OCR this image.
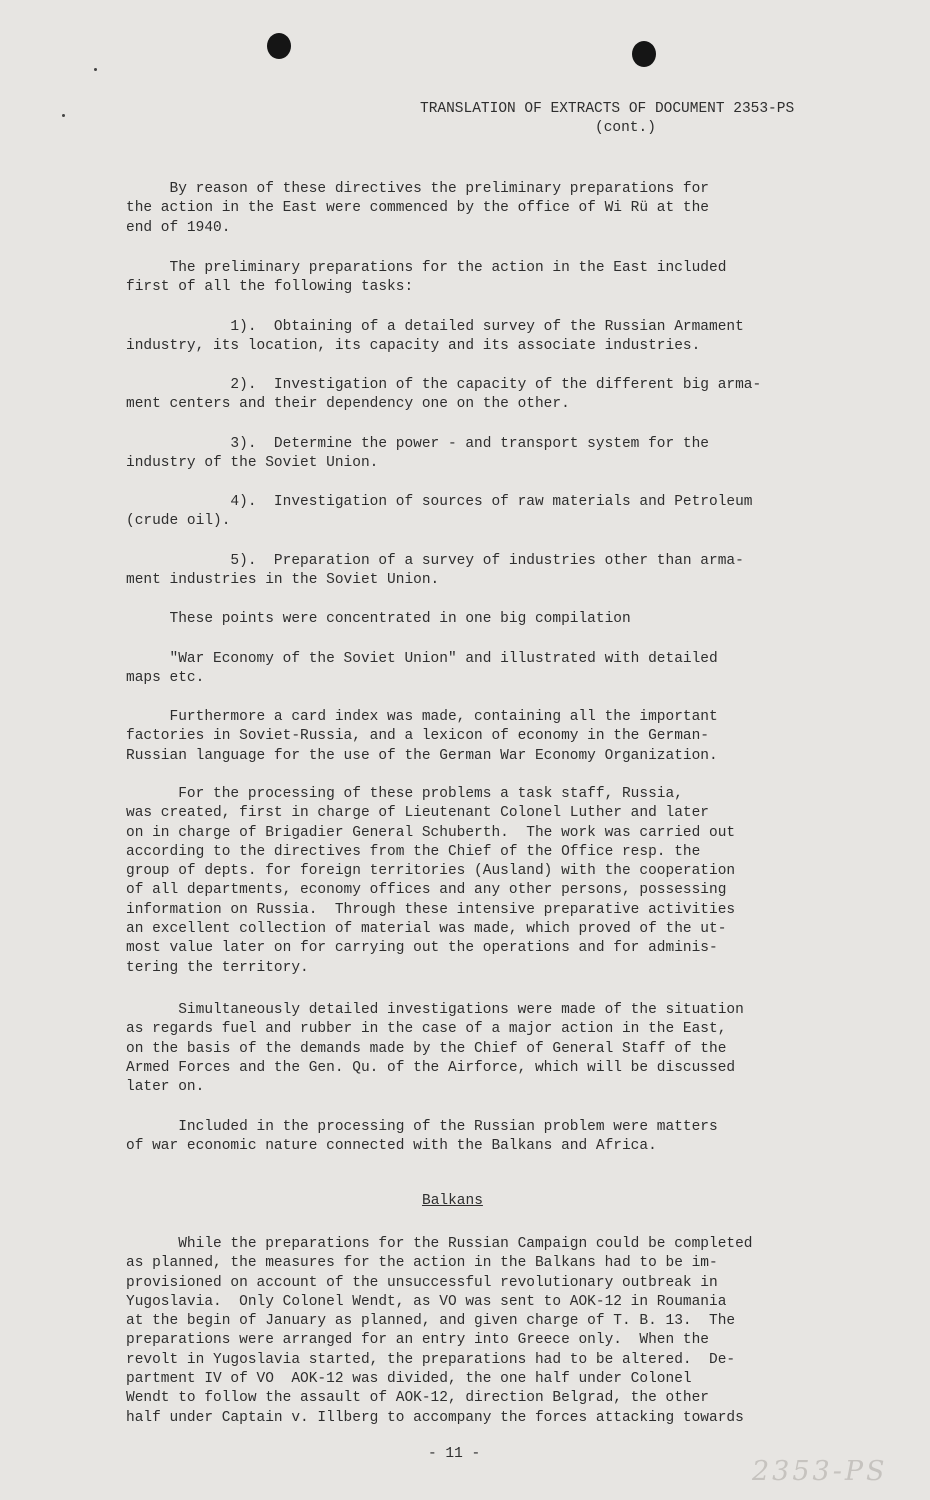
TRANSLATION OF EXTRACTS OF DOCUMENT 2353-PS
(cont.)
By reason of these directives the preliminary preparations for
the action in the East were commenced by the office of Wi Rü at the
end of 1940.
The preliminary preparations for the action in the East included
first of all the following tasks:
1).  Obtaining of a detailed survey of the Russian Armament
industry, its location, its capacity and its associate industries.
2).  Investigation of the capacity of the different big arma-
ment centers and their dependency one on the other.
3).  Determine the power - and transport system for the
industry of the Soviet Union.
4).  Investigation of sources of raw materials and Petroleum
(crude oil).
5).  Preparation of a survey of industries other than arma-
ment industries in the Soviet Union.
These points were concentrated in one big compilation
"War Economy of the Soviet Union" and illustrated with detailed
maps etc.
Furthermore a card index was made, containing all the important
factories in Soviet-Russia, and a lexicon of economy in the German-
Russian language for the use of the German War Economy Organization.
For the processing of these problems a task staff, Russia,
was created, first in charge of Lieutenant Colonel Luther and later
on in charge of Brigadier General Schuberth.  The work was carried out
according to the directives from the Chief of the Office resp. the
group of depts. for foreign territories (Ausland) with the cooperation
of all departments, economy offices and any other persons, possessing
information on Russia.  Through these intensive preparative activities
an excellent collection of material was made, which proved of the ut-
most value later on for carrying out the operations and for adminis-
tering the territory.
Simultaneously detailed investigations were made of the situation
as regards fuel and rubber in the case of a major action in the East,
on the basis of the demands made by the Chief of General Staff of the
Armed Forces and the Gen. Qu. of the Airforce, which will be discussed
later on.
Included in the processing of the Russian problem were matters
of war economic nature connected with the Balkans and Africa.
Balkans
While the preparations for the Russian Campaign could be completed
as planned, the measures for the action in the Balkans had to be im-
provisioned on account of the unsuccessful revolutionary outbreak in
Yugoslavia.  Only Colonel Wendt, as VO was sent to AOK-12 in Roumania
at the begin of January as planned, and given charge of T. B. 13.  The
preparations were arranged for an entry into Greece only.  When the
revolt in Yugoslavia started, the preparations had to be altered.  De-
partment IV of VO  AOK-12 was divided, the one half under Colonel
Wendt to follow the assault of AOK-12, direction Belgrad, the other
half under Captain v. Illberg to accompany the forces attacking towards
- 11 -
2353-PS
